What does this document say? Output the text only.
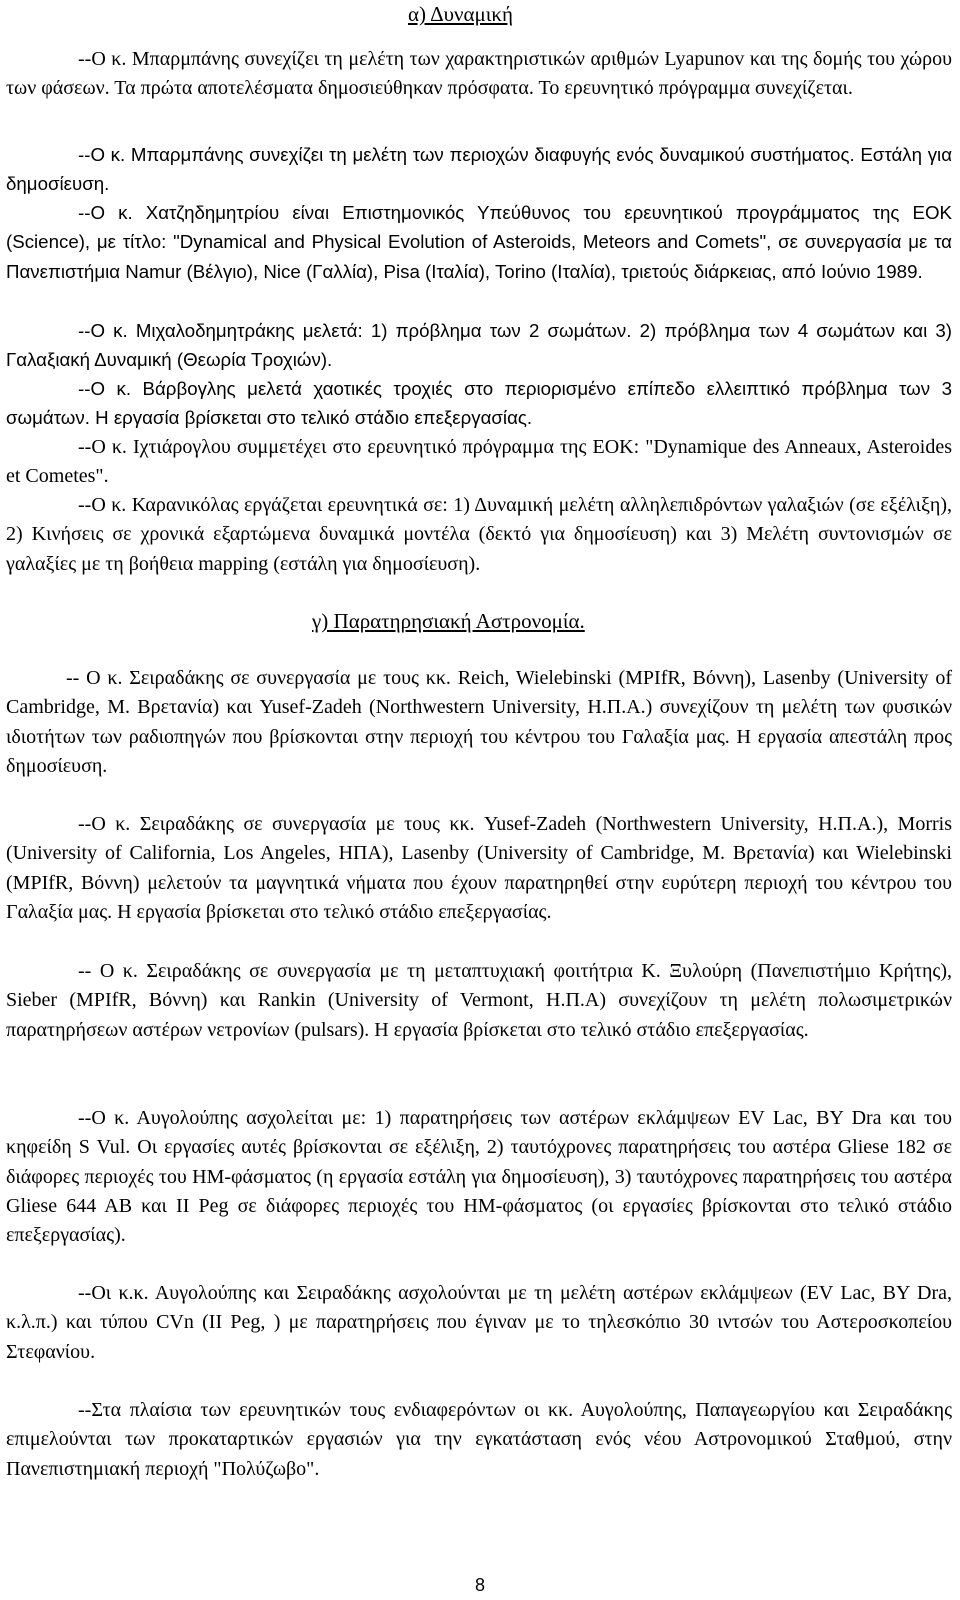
α) Δυναμική

--Ο κ. Μπαρμπάνης συνεχίζει τη μελέτη των χαρακτηριστικών αριθμών Lyapunov και της δομής του χώρου των φάσεων. Τα πρώτα αποτελέσματα δημοσιεύθηκαν πρόσφατα. Το ερευνητικό πρόγραμμα συνεχίζεται.

--Ο κ. Μπαρμπάνης συνεχίζει τη μελέτη των περιοχών διαφυγής ενός δυναμικού συστήματος. Εστάλη για δημοσίευση.

--Ο κ. Χατζηδημητρίου είναι Επιστημονικός Υπεύθυνος του ερευνητικού προγράμματος της ΕΟΚ (Science), με τίτλο: "Dynamical and Physical Evolution of Asteroids, Meteors and Comets", σε συνεργασία με τα Πανεπιστήμια Namur (Βέλγιο), Nice (Γαλλία), Pisa (Ιταλία), Torino (Ιταλία), τριετούς διάρκειας, από Ιούνιο 1989.

--Ο κ. Μιχαλοδημητράκης μελετά: 1) πρόβλημα των 2 σωμάτων. 2) πρόβλημα των 4 σωμάτων και 3) Γαλαξιακή Δυναμική (Θεωρία Τροχιών).

--Ο κ. Βάρβογλης μελετά χαοτικές τροχιές στο περιορισμένο επίπεδο ελλειπτικό πρόβλημα των 3 σωμάτων. Η εργασία βρίσκεται στο τελικό στάδιο επεξεργασίας.

--Ο κ. Ιχτιάρογλου συμμετέχει στο ερευνητικό πρόγραμμα της ΕΟΚ: "Dynamique des Anneaux, Asteroides et Cometes".

--Ο κ. Καρανικόλας εργάζεται ερευνητικά σε: 1) Δυναμική μελέτη αλληλεπιδρόντων γαλαξιών (σε εξέλιξη), 2) Κινήσεις σε χρονικά εξαρτώμενα δυναμικά μοντέλα (δεκτό για δημοσίευση) και 3) Μελέτη συντονισμών σε γαλαξίες με τη βοήθεια mapping (εστάλη για δημοσίευση).

γ) Παρατηρησιακή Αστρονομία.

-- Ο κ. Σειραδάκης σε συνεργασία με τους κκ. Reich, Wielebinski (MPIfR, Βόννη), Lasenby (University of Cambridge, Μ. Βρετανία) και Yusef-Zadeh (Northwestern University, Η.Π.Α.) συνεχίζουν τη μελέτη των φυσικών ιδιοτήτων των ραδιοπηγών που βρίσκονται στην περιοχή του κέντρου του Γαλαξία μας. Η εργασία απεστάλη προς δημοσίευση.

--Ο κ. Σειραδάκης σε συνεργασία με τους κκ. Yusef-Zadeh (Northwestern University, Η.Π.Α.), Morris (University of California, Los Angeles, ΗΠΑ), Lasenby (University of Cambridge, Μ. Βρετανία) και Wielebinski (MPIfR, Βόννη) μελετούν τα μαγνητικά νήματα που έχουν παρατηρηθεί στην ευρύτερη περιοχή του κέντρου του Γαλαξία μας. Η εργασία βρίσκεται στο τελικό στάδιο επεξεργασίας.

-- Ο κ. Σειραδάκης σε συνεργασία με τη μεταπτυχιακή φοιτήτρια Κ. Ξυλούρη (Πανεπιστήμιο Κρήτης), Sieber (MPIfR, Βόννη) και Rankin (University of Vermont, Η.Π.Α) συνεχίζουν τη μελέτη πολωσιμετρικών παρατηρήσεων αστέρων νετρονίων (pulsars). Η εργασία βρίσκεται στο τελικό στάδιο επεξεργασίας.

--Ο κ. Αυγολούπης ασχολείται με: 1) παρατηρήσεις των αστέρων εκλάμψεων EV Lac, BY Dra και του κηφείδη S Vul. Οι εργασίες αυτές βρίσκονται σε εξέλιξη, 2) ταυτόχρονες παρατηρήσεις του αστέρα Gliese 182 σε διάφορες περιοχές του ΗΜ-φάσματος (η εργασία εστάλη για δημοσίευση), 3) ταυτόχρονες παρατηρήσεις του αστέρα Gliese 644 AB και II Peg σε διάφορες περιοχές του ΗΜ-φάσματος (οι εργασίες βρίσκονται στο τελικό στάδιο επεξεργασίας).

--Οι κ.κ. Αυγολούπης και Σειραδάκης ασχολούνται με τη μελέτη αστέρων εκλάμψεων (EV Lac, BY Dra, κ.λ.π.) και τύπου CVn (II Peg, ) με παρατηρήσεις που έγιναν με το τηλεσκόπιο 30 ιντσών του Αστεροσκοπείου Στεφανίου.

--Στα πλαίσια των ερευνητικών τους ενδιαφερόντων οι κκ. Αυγολούπης, Παπαγεωργίου και Σειραδάκης επιμελούνται των προκαταρτικών εργασιών για την εγκατάσταση ενός νέου Αστρονομικού Σταθμού, στην Πανεπιστημιακή περιοχή "Πολύζωβο".

8
